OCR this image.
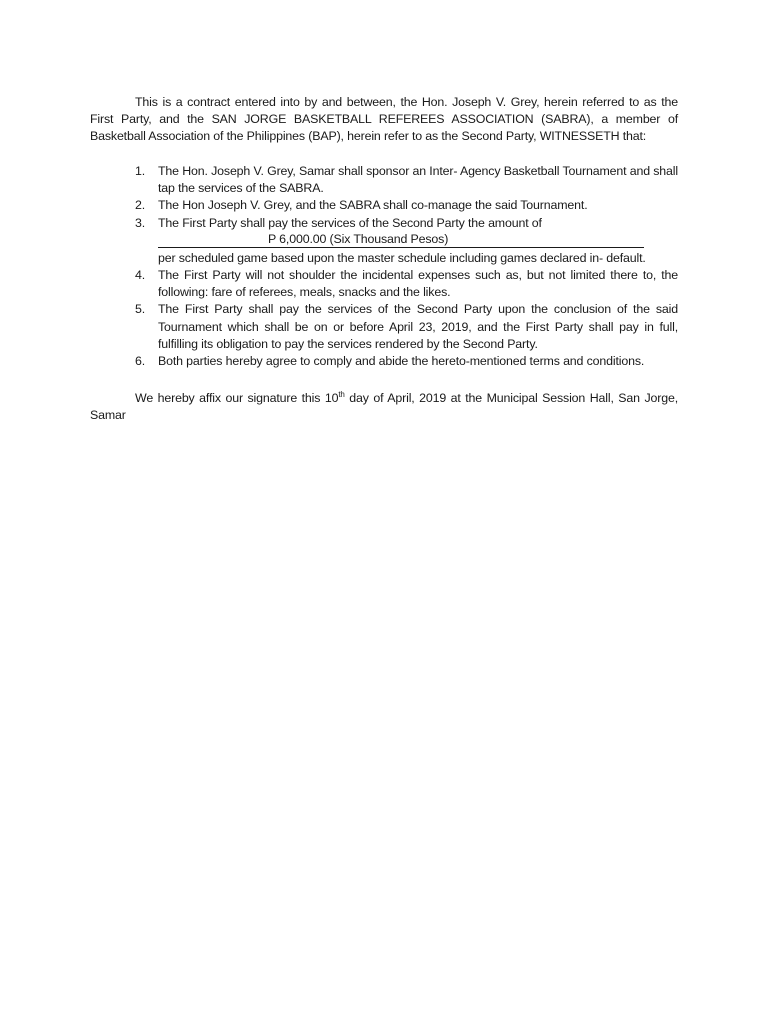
This is a contract entered into by and between, the Hon. Joseph V. Grey, herein referred to as the First Party, and the SAN JORGE BASKETBALL REFEREES ASSOCIATION (SABRA), a member of Basketball Association of the Philippines (BAP), herein refer to as the Second Party, WITNESSETH that:

1. The Hon. Joseph V. Grey, Samar shall sponsor an Inter- Agency Basketball Tournament and shall tap the services of the SABRA.
2. The Hon Joseph V. Grey, and the SABRA shall co-manage the said Tournament.
3. The First Party shall pay the services of the Second Party the amount of
P 6,000.00 (Six Thousand Pesos)
per scheduled game based upon the master schedule including games declared in- default.
4. The First Party will not shoulder the incidental expenses such as, but not limited there to, the following: fare of referees, meals, snacks and the likes.
5. The First Party shall pay the services of the Second Party upon the conclusion of the said Tournament which shall be on or before April 23, 2019, and the First Party shall pay in full, fulfilling its obligation to pay the services rendered by the Second Party.
6. Both parties hereby agree to comply and abide the hereto-mentioned terms and conditions.

We hereby affix our signature this 10th day of April, 2019 at the Municipal Session Hall, San Jorge, Samar
